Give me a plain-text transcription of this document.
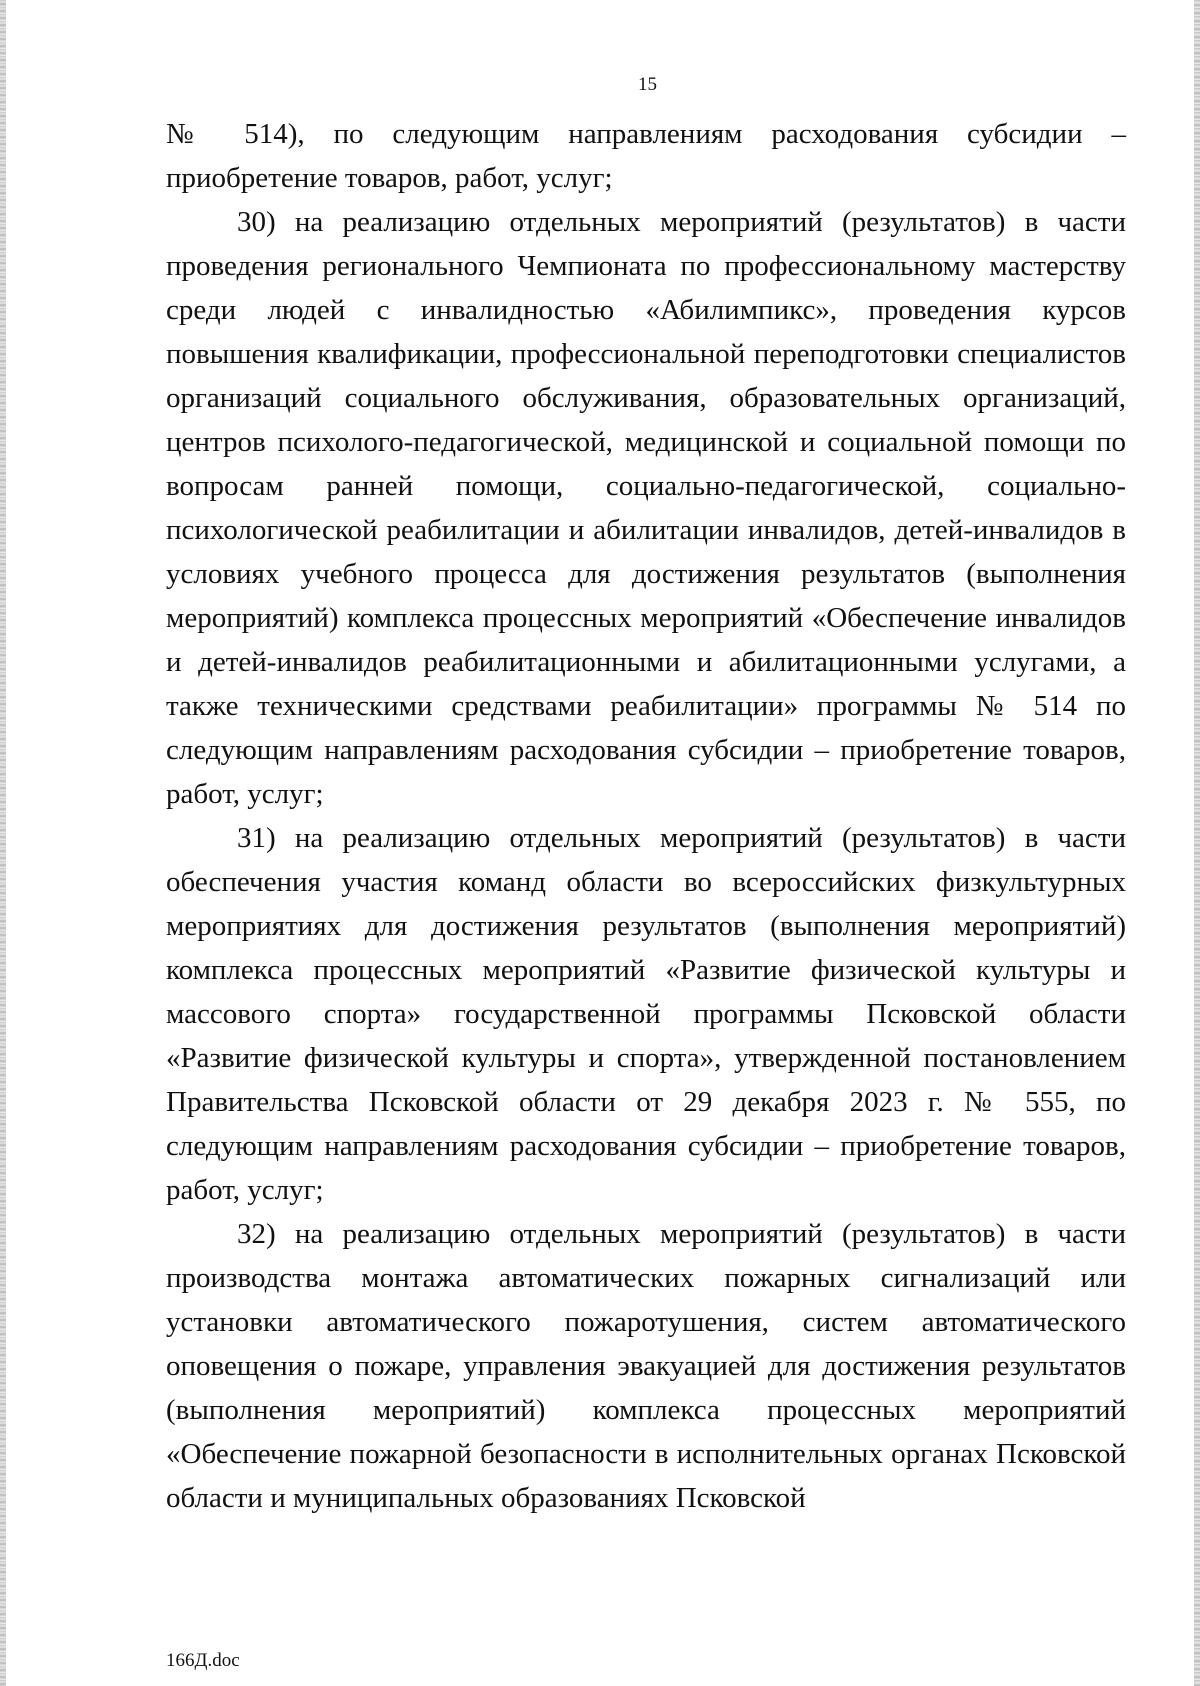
15

№ 514), по следующим направлениям расходования субсидии – приобретение товаров, работ, услуг;

30) на реализацию отдельных мероприятий (результатов) в части проведения регионального Чемпионата по профессиональному мастерству среди людей с инвалидностью «Абилимпикс», проведения курсов повышения квалификации, профессиональной переподготовки специалистов организаций социального обслуживания, образовательных организаций, центров психолого-педагогической, медицинской и социальной помощи по вопросам ранней помощи, социально-педагогической, социально-психологической реабилитации и абилитации инвалидов, детей-инвалидов в условиях учебного процесса для достижения результатов (выполнения мероприятий) комплекса процессных мероприятий «Обеспечение инвалидов и детей-инвалидов реабилитационными и абилитационными услугами, а также техническими средствами реабилитации» программы № 514 по следующим направлениям расходования субсидии – приобретение товаров, работ, услуг;

31) на реализацию отдельных мероприятий (результатов) в части обеспечения участия команд области во всероссийских физкультурных мероприятиях для достижения результатов (выполнения мероприятий) комплекса процессных мероприятий «Развитие физической культуры и массового спорта» государственной программы Псковской области «Развитие физической культуры и спорта», утвержденной постановлением Правительства Псковской области от 29 декабря 2023 г. № 555, по следующим направлениям расходования субсидии – приобретение товаров, работ, услуг;

32) на реализацию отдельных мероприятий (результатов) в части производства монтажа автоматических пожарных сигнализаций или установки автоматического пожаротушения, систем автоматического оповещения о пожаре, управления эвакуацией для достижения результатов (выполнения мероприятий) комплекса процессных мероприятий «Обеспечение пожарной безопасности в исполнительных органах Псковской области и муниципальных образованиях Псковской

166Д.doc
